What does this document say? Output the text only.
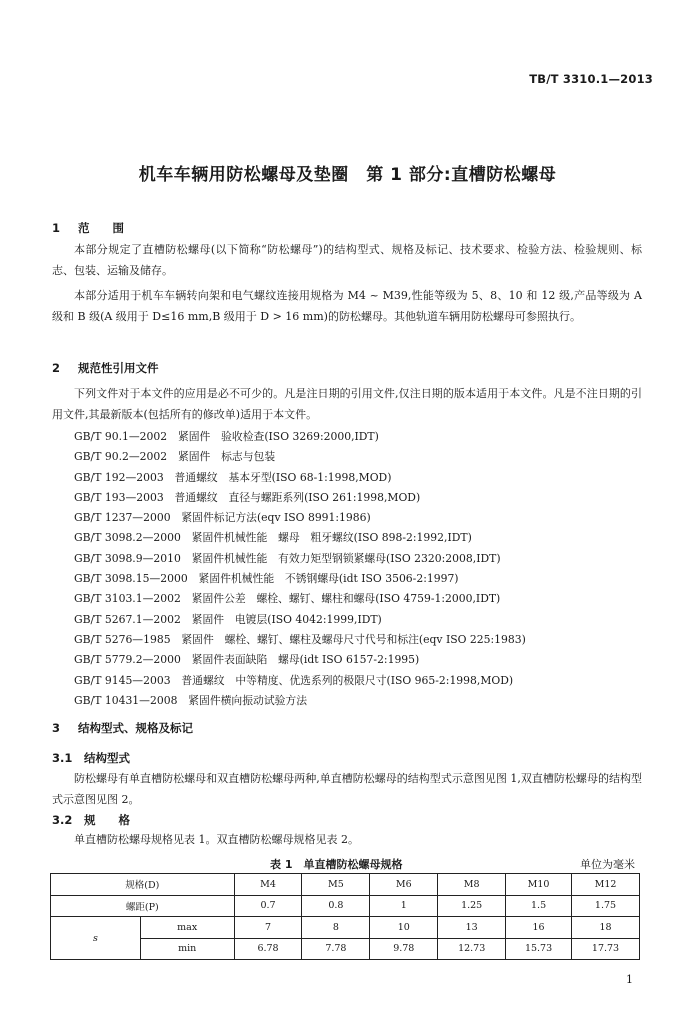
TB/T 3310.1—2013
机车车辆用防松螺母及垫圈　第 1 部分:直槽防松螺母
1 范　　围
本部分规定了直槽防松螺母(以下简称“防松螺母”)的结构型式、规格及标记、技术要求、检验方法、检验规则、标志、包装、运输及储存。
本部分适用于机车车辆转向架和电气螺纹连接用规格为 M4 ~ M39,性能等级为 5、8、10 和 12 级,产品等级为 A 级和 B 级(A 级用于 D≤16 mm,B 级用于 D > 16 mm)的防松螺母。其他轨道车辆用防松螺母可参照执行。
2 规范性引用文件
下列文件对于本文件的应用是必不可少的。凡是注日期的引用文件,仅注日期的版本适用于本文件。凡是不注日期的引用文件,其最新版本(包括所有的修改单)适用于本文件。
GB/T 90.1—2002　紧固件　验收检查(ISO 3269:2000,IDT)
GB/T 90.2—2002　紧固件　标志与包装
GB/T 192—2003　普通螺纹　基本牙型(ISO 68-1:1998,MOD)
GB/T 193—2003　普通螺纹　直径与螺距系列(ISO 261:1998,MOD)
GB/T 1237—2000　紧固件标记方法(eqv ISO 8991:1986)
GB/T 3098.2—2000　紧固件机械性能　螺母　粗牙螺纹(ISO 898-2:1992,IDT)
GB/T 3098.9—2010　紧固件机械性能　有效力矩型钢锁紧螺母(ISO 2320:2008,IDT)
GB/T 3098.15—2000　紧固件机械性能　不锈钢螺母(idt ISO 3506-2:1997)
GB/T 3103.1—2002　紧固件公差　螺栓、螺钉、螺柱和螺母(ISO 4759-1:2000,IDT)
GB/T 5267.1—2002　紧固件　电镀层(ISO 4042:1999,IDT)
GB/T 5276—1985　紧固件　螺栓、螺钉、螺柱及螺母尺寸代号和标注(eqv ISO 225:1983)
GB/T 5779.2—2000　紧固件表面缺陷　螺母(idt ISO 6157-2:1995)
GB/T 9145—2003　普通螺纹　中等精度、优选系列的极限尺寸(ISO 965-2:1998,MOD)
GB/T 10431—2008　紧固件横向振动试验方法
3 结构型式、规格及标记
3.1 结构型式
防松螺母有单直槽防松螺母和双直槽防松螺母两种,单直槽防松螺母的结构型式示意图见图 1,双直槽防松螺母的结构型式示意图见图 2。
3.2 规　　格
单直槽防松螺母规格见表 1。双直槽防松螺母规格见表 2。
表 1　单直槽防松螺母规格	单位为毫米
规格(D)		M4	M5	M6	M8	M10	M12
螺距(P)		0.7	0.8	1	1.25	1.5	1.75
s	max	7	8	10	13	16	18
	min	6.78	7.78	9.78	12.73	15.73	17.73
1
